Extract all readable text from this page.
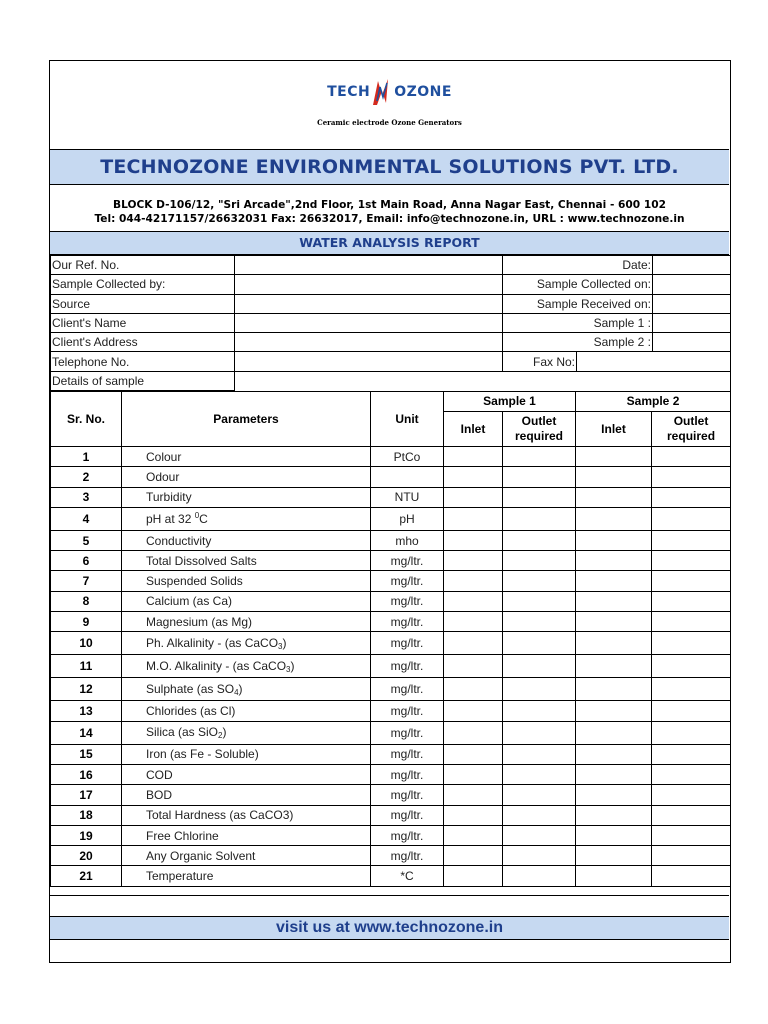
TECH OZONE
Ceramic electrode Ozone Generators
TECHNOZONE ENVIRONMENTAL SOLUTIONS PVT. LTD.
BLOCK D-106/12, "Sri Arcade",2nd Floor, 1st Main Road, Anna Nagar East, Chennai - 600 102
Tel: 044-42171157/26632031 Fax: 26632017, Email: info@technozone.in, URL : www.technozone.in
WATER ANALYSIS REPORT
Our Ref. No.		Date:		
Sample Collected by:		Sample Collected on:		
Source		Sample Received on:		
Client's Name		Sample 1 :		
Client's Address		Sample 2 :		
Telephone No.		Fax No:		
Details of sample				
Sr. No.	Parameters	Unit	Sample 1		Sample 2	
			Inlet	Outlet required	Inlet	Outlet required
1	Colour	PtCo				
2	Odour					
3	Turbidity	NTU				
4	pH at 32 $^0$C	pH				
5	Conductivity	mho				
6	Total Dissolved Salts	mg/ltr.				
7	Suspended Solids	mg/ltr.				
8	Calcium (as Ca)	mg/ltr.				
9	Magnesium (as Mg)	mg/ltr.				
10	Ph. Alkalinity - (as CaCO$_3$)	mg/ltr.				
11	M.O. Alkalinity - (as CaCO$_3$)	mg/ltr.				
12	Sulphate (as $SO_4$)	mg/ltr.				
13	Chlorides (as Cl)	mg/ltr.				
14	Silica (as SiO$_2$)	mg/ltr.				
15	Iron (as Fe - Soluble)	mg/ltr.				
16	COD	mg/ltr.				
17	BOD	mg/ltr.				
18	Total Hardness (as CaCO3)	mg/ltr.				
19	Free Chlorine	mg/ltr.				
20	Any Organic Solvent	mg/ltr.				
21	Temperature	*C				
visit us at www.technozone.in
